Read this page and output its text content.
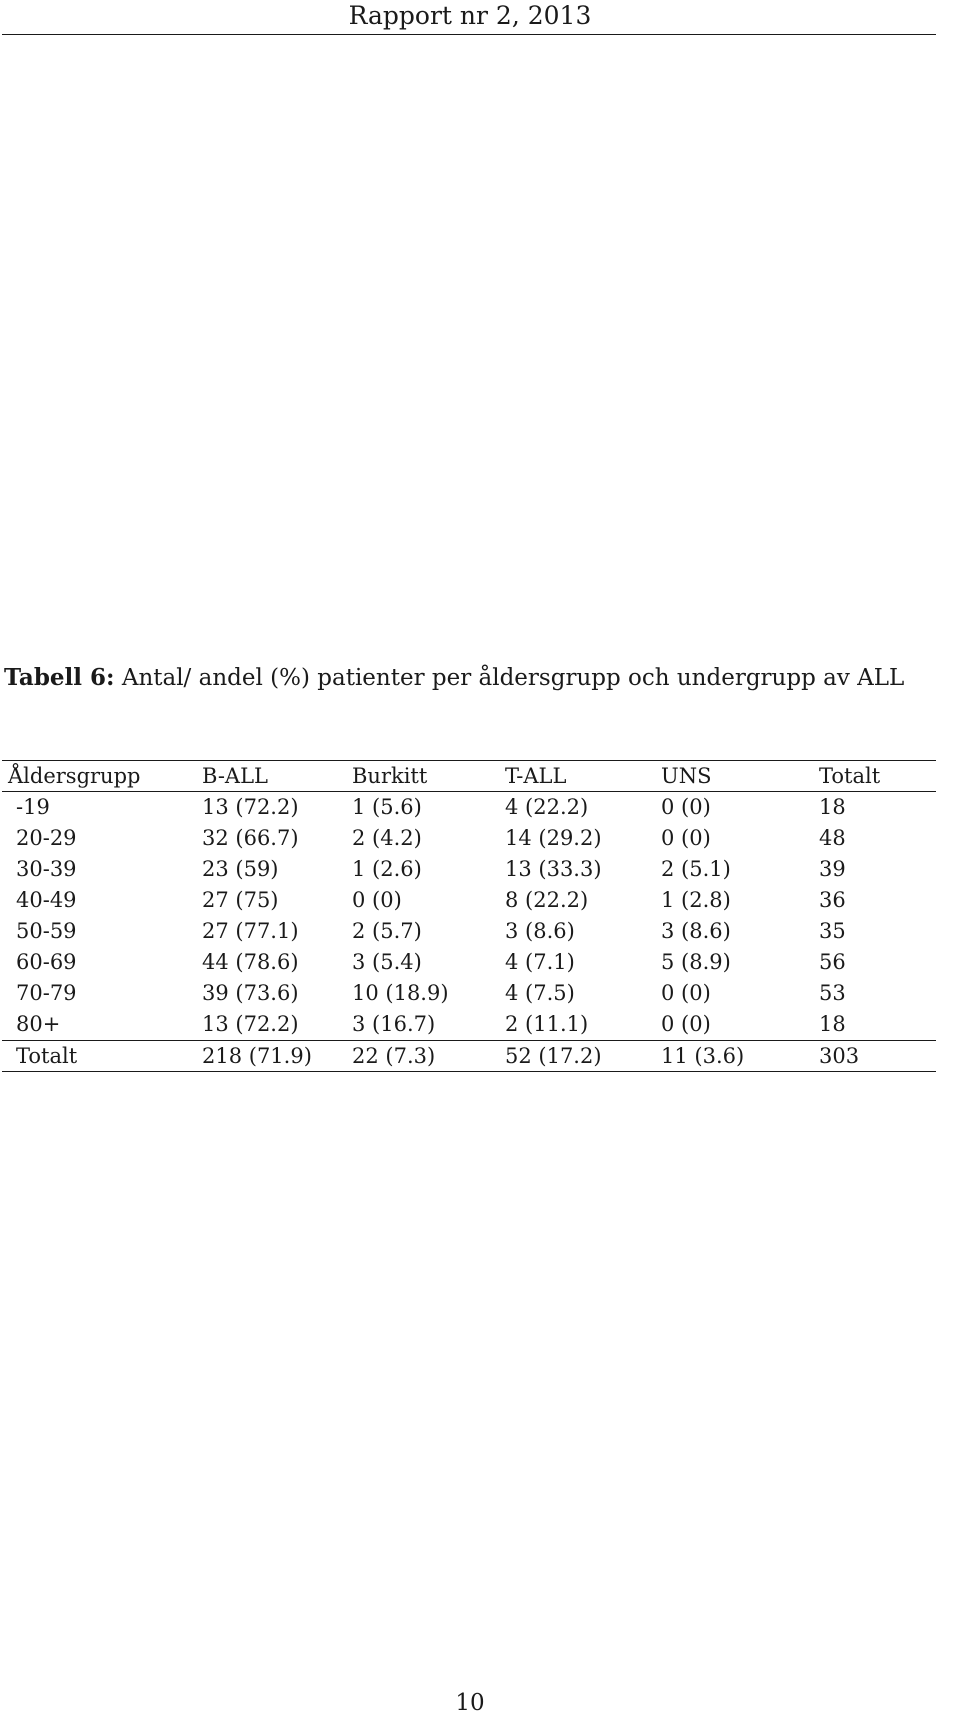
Rapport nr 2, 2013
Tabell 6: Antal/ andel (%) patienter per åldersgrupp och undergrupp av ALL
Åldersgrupp	B-ALL	Burkitt	T-ALL	UNS	Totalt
-19	13 (72.2)	1 (5.6)	4 (22.2)	0 (0)	18
20-29	32 (66.7)	2 (4.2)	14 (29.2)	0 (0)	48
30-39	23 (59)	1 (2.6)	13 (33.3)	2 (5.1)	39
40-49	27 (75)	0 (0)	8 (22.2)	1 (2.8)	36
50-59	27 (77.1)	2 (5.7)	3 (8.6)	3 (8.6)	35
60-69	44 (78.6)	3 (5.4)	4 (7.1)	5 (8.9)	56
70-79	39 (73.6)	10 (18.9)	4 (7.5)	0 (0)	53
80+	13 (72.2)	3 (16.7)	2 (11.1)	0 (0)	18
Totalt	218 (71.9)	22 (7.3)	52 (17.2)	11 (3.6)	303
10
